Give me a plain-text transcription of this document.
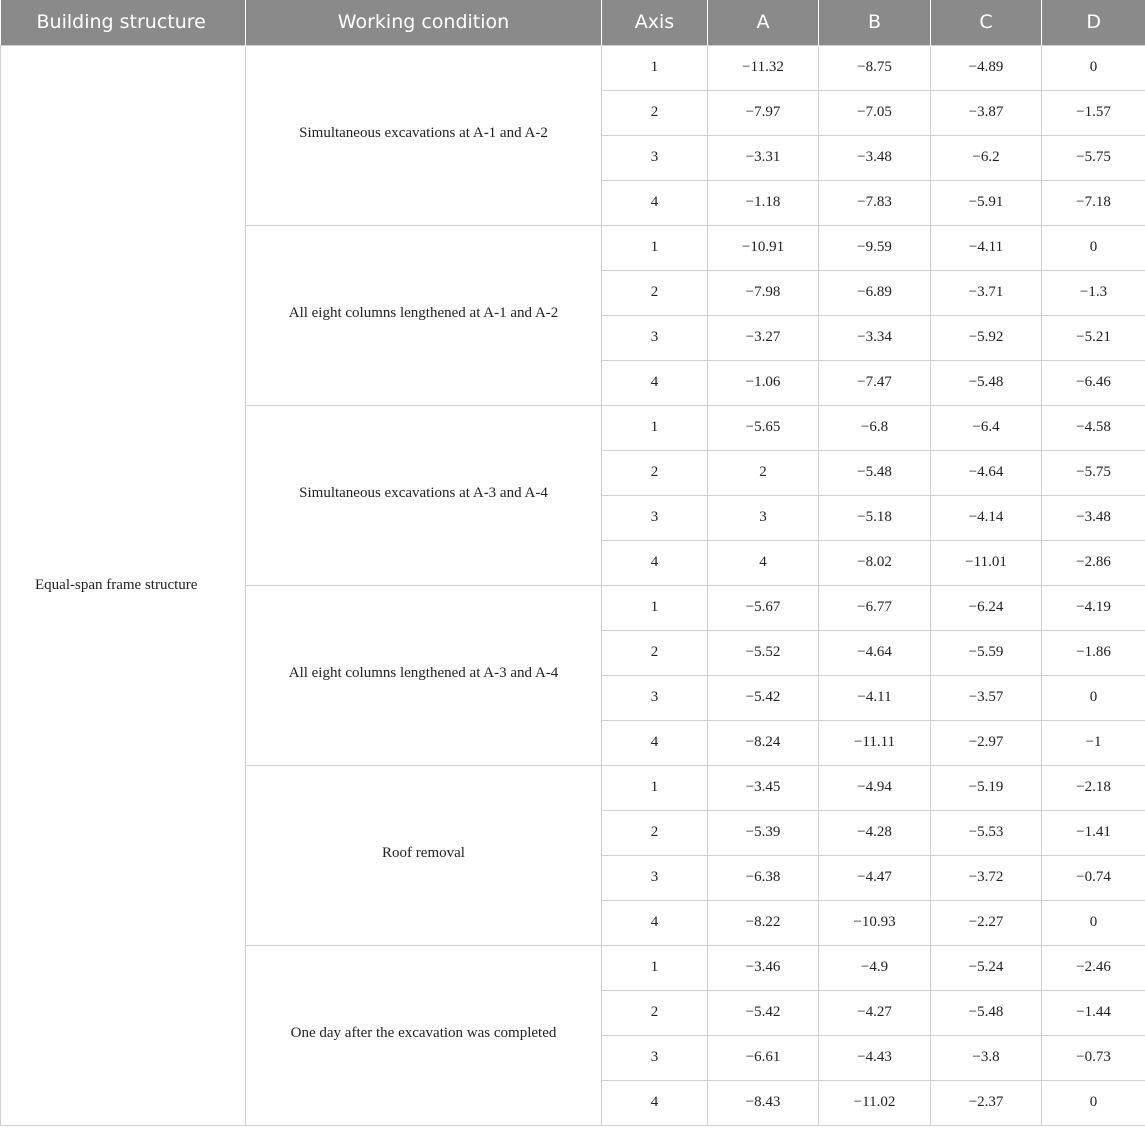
Building structure	Working condition	Axis	A	B	C	D
Equal-span frame structure	Simultaneous excavations at A-1 and A-2	1	−11.32	−8.75	−4.89	0
		2	−7.97	−7.05	−3.87	−1.57
		3	−3.31	−3.48	−6.2	−5.75
		4	−1.18	−7.83	−5.91	−7.18
	All eight columns lengthened at A-1 and A-2	1	−10.91	−9.59	−4.11	0
		2	−7.98	−6.89	−3.71	−1.3
		3	−3.27	−3.34	−5.92	−5.21
		4	−1.06	−7.47	−5.48	−6.46
	Simultaneous excavations at A-3 and A-4	1	−5.65	−6.8	−6.4	−4.58
		2	2	−5.48	−4.64	−5.75
		3	3	−5.18	−4.14	−3.48
		4	4	−8.02	−11.01	−2.86
	All eight columns lengthened at A-3 and A-4	1	−5.67	−6.77	−6.24	−4.19
		2	−5.52	−4.64	−5.59	−1.86
		3	−5.42	−4.11	−3.57	0
		4	−8.24	−11.11	−2.97	−1
	Roof removal	1	−3.45	−4.94	−5.19	−2.18
		2	−5.39	−4.28	−5.53	−1.41
		3	−6.38	−4.47	−3.72	−0.74
		4	−8.22	−10.93	−2.27	0
	One day after the excavation was completed	1	−3.46	−4.9	−5.24	−2.46
		2	−5.42	−4.27	−5.48	−1.44
		3	−6.61	−4.43	−3.8	−0.73
		4	−8.43	−11.02	−2.37	0
